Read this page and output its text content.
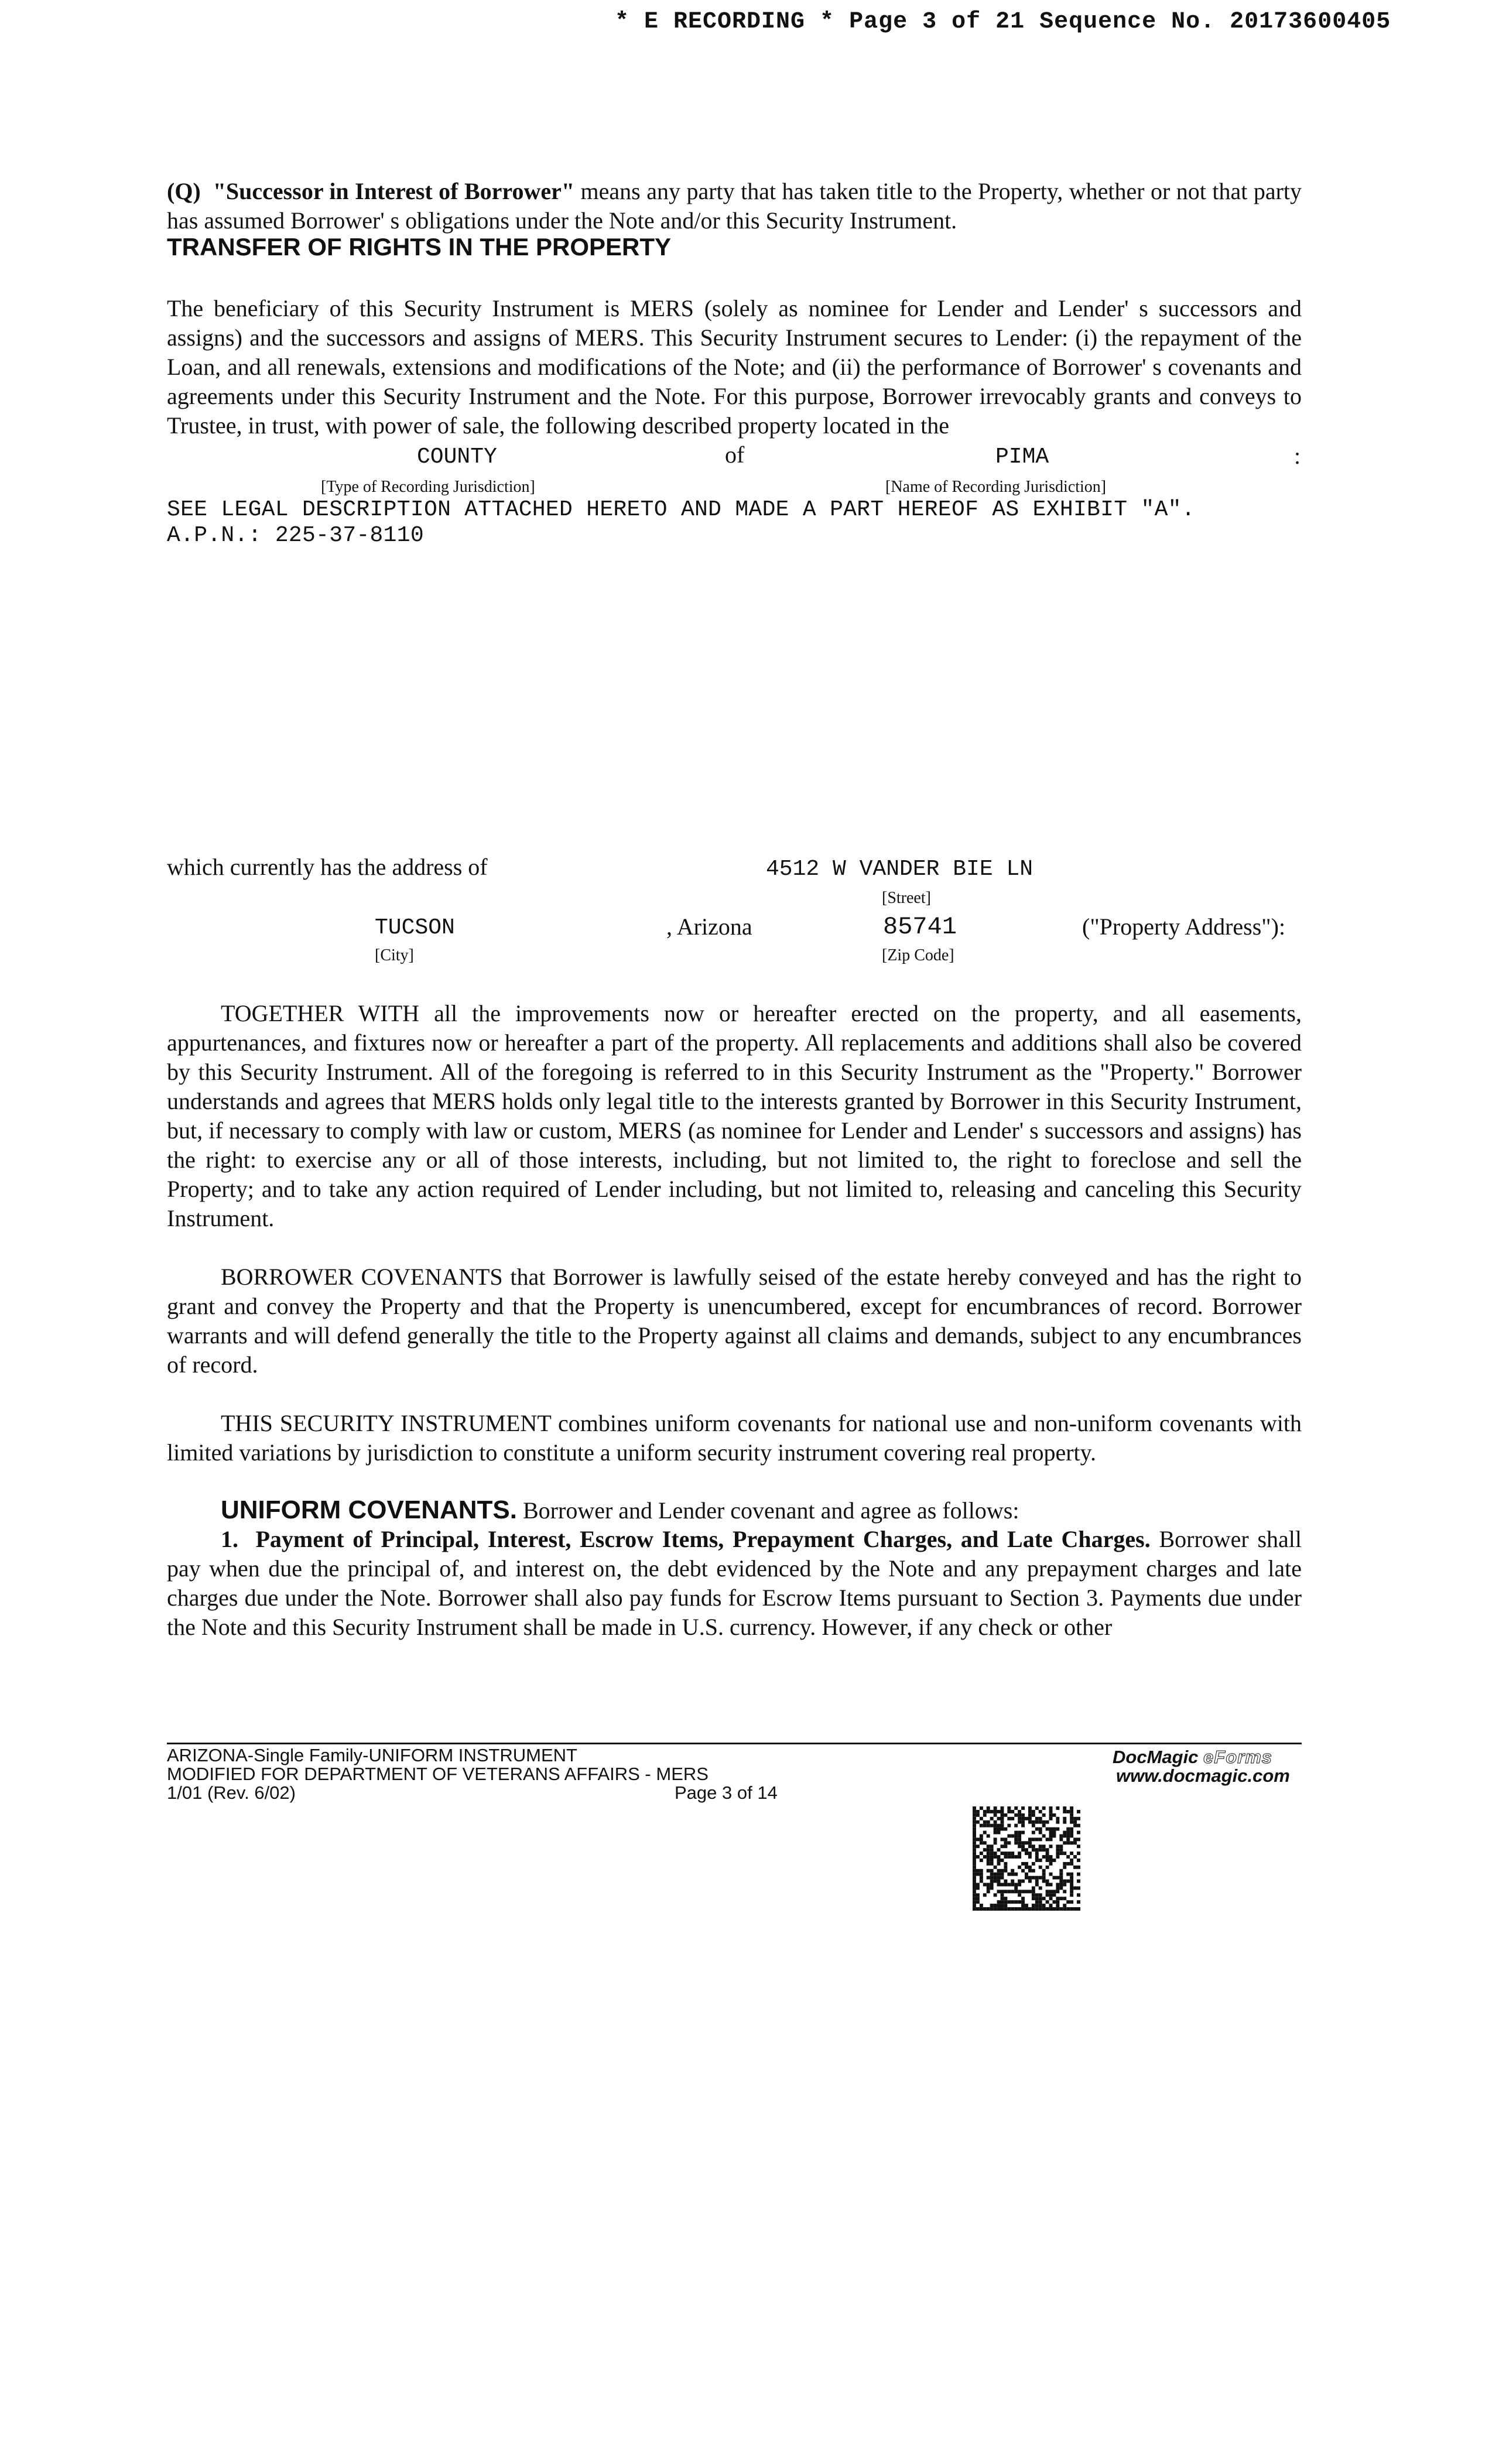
* E RECORDING * Page 3 of 21 Sequence No. 20173600405
(Q) "Successor in Interest of Borrower" means any party that has taken title to the Property, whether or not that party has assumed Borrower' s obligations under the Note and/or this Security Instrument.
TRANSFER OF RIGHTS IN THE PROPERTY
The beneficiary of this Security Instrument is MERS (solely as nominee for Lender and Lender' s successors and assigns) and the successors and assigns of MERS. This Security Instrument secures to Lender: (i) the repayment of the Loan, and all renewals, extensions and modifications of the Note; and (ii) the performance of Borrower' s covenants and agreements under this Security Instrument and the Note. For this purpose, Borrower irrevocably grants and conveys to Trustee, in trust, with power of sale, the following described property located in the
COUNTY	of	PIMA	:
[Type of Recording Jurisdiction]	[Name of Recording Jurisdiction]
SEE LEGAL DESCRIPTION ATTACHED HERETO AND MADE A PART HEREOF AS EXHIBIT "A".
A.P.N.: 225-37-8110
which currently has the address of	4512 W VANDER BIE LN
[Street]
TUCSON	, Arizona	85741	("Property Address"):
[City]	[Zip Code]
TOGETHER WITH all the improvements now or hereafter erected on the property, and all easements, appurtenances, and fixtures now or hereafter a part of the property. All replacements and additions shall also be covered by this Security Instrument. All of the foregoing is referred to in this Security Instrument as the "Property." Borrower understands and agrees that MERS holds only legal title to the interests granted by Borrower in this Security Instrument, but, if necessary to comply with law or custom, MERS (as nominee for Lender and Lender' s successors and assigns) has the right: to exercise any or all of those interests, including, but not limited to, the right to foreclose and sell the Property; and to take any action required of Lender including, but not limited to, releasing and canceling this Security Instrument.
BORROWER COVENANTS that Borrower is lawfully seised of the estate hereby conveyed and has the right to grant and convey the Property and that the Property is unencumbered, except for encumbrances of record. Borrower warrants and will defend generally the title to the Property against all claims and demands, subject to any encumbrances of record.
THIS SECURITY INSTRUMENT combines uniform covenants for national use and non-uniform covenants with limited variations by jurisdiction to constitute a uniform security instrument covering real property.
UNIFORM COVENANTS. Borrower and Lender covenant and agree as follows:
1. Payment of Principal, Interest, Escrow Items, Prepayment Charges, and Late Charges. Borrower shall pay when due the principal of, and interest on, the debt evidenced by the Note and any prepayment charges and late charges due under the Note. Borrower shall also pay funds for Escrow Items pursuant to Section 3. Payments due under the Note and this Security Instrument shall be made in U.S. currency. However, if any check or other
ARIZONA-Single Family-UNIFORM INSTRUMENT
MODIFIED FOR DEPARTMENT OF VETERANS AFFAIRS - MERS
1/01 (Rev. 6/02)	Page 3 of 14
DocMagic eForms
www.docmagic.com
